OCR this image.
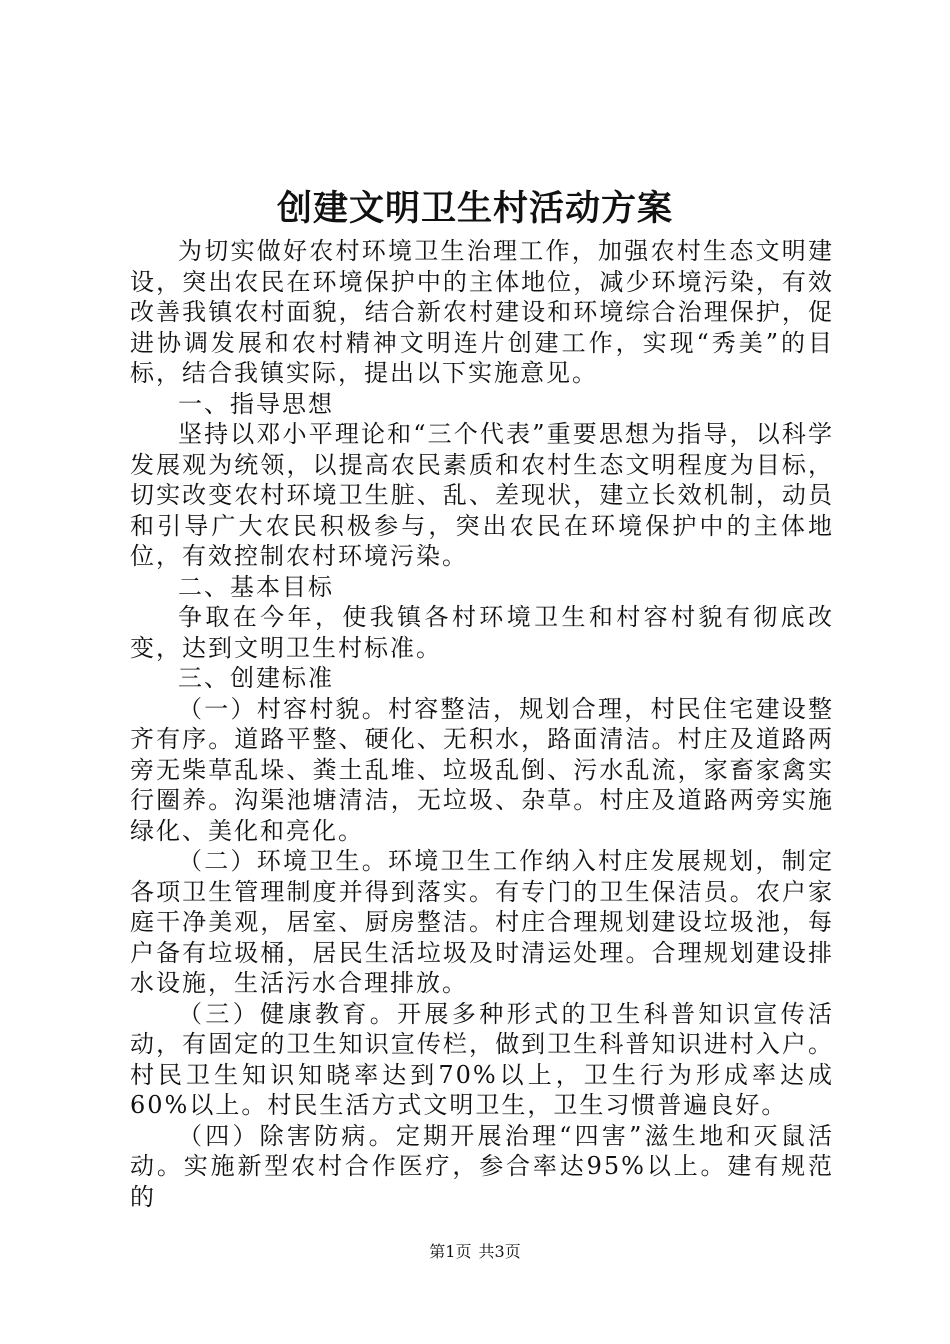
创建文明卫生村活动方案

为切实做好农村环境卫生治理工作，加强农村生态文明建设，突出农民在环境保护中的主体地位，减少环境污染，有效改善我镇农村面貌，结合新农村建设和环境综合治理保护，促进协调发展和农村精神文明连片创建工作，实现“秀美”的目标，结合我镇实际，提出以下实施意见。

一、指导思想

坚持以邓小平理论和“三个代表”重要思想为指导，以科学发展观为统领，以提高农民素质和农村生态文明程度为目标，切实改变农村环境卫生脏、乱、差现状，建立长效机制，动员和引导广大农民积极参与，突出农民在环境保护中的主体地位，有效控制农村环境污染。

二、基本目标

争取在今年，使我镇各村环境卫生和村容村貌有彻底改变，达到文明卫生村标准。

三、创建标准

（一）村容村貌。村容整洁，规划合理，村民住宅建设整齐有序。道路平整、硬化、无积水，路面清洁。村庄及道路两旁无柴草乱垛、粪土乱堆、垃圾乱倒、污水乱流，家畜家禽实行圈养。沟渠池塘清洁，无垃圾、杂草。村庄及道路两旁实施绿化、美化和亮化。

（二）环境卫生。环境卫生工作纳入村庄发展规划，制定各项卫生管理制度并得到落实。有专门的卫生保洁员。农户家庭干净美观，居室、厨房整洁。村庄合理规划建设垃圾池，每户备有垃圾桶，居民生活垃圾及时清运处理。合理规划建设排水设施，生活污水合理排放。

（三）健康教育。开展多种形式的卫生科普知识宣传活动，有固定的卫生知识宣传栏，做到卫生科普知识进村入户。村民卫生知识知晓率达到70%以上，卫生行为形成率达成60%以上。村民生活方式文明卫生，卫生习惯普遍良好。

（四）除害防病。定期开展治理“四害”滋生地和灭鼠活动。实施新型农村合作医疗，参合率达95%以上。建有规范的

第1页 共3页
